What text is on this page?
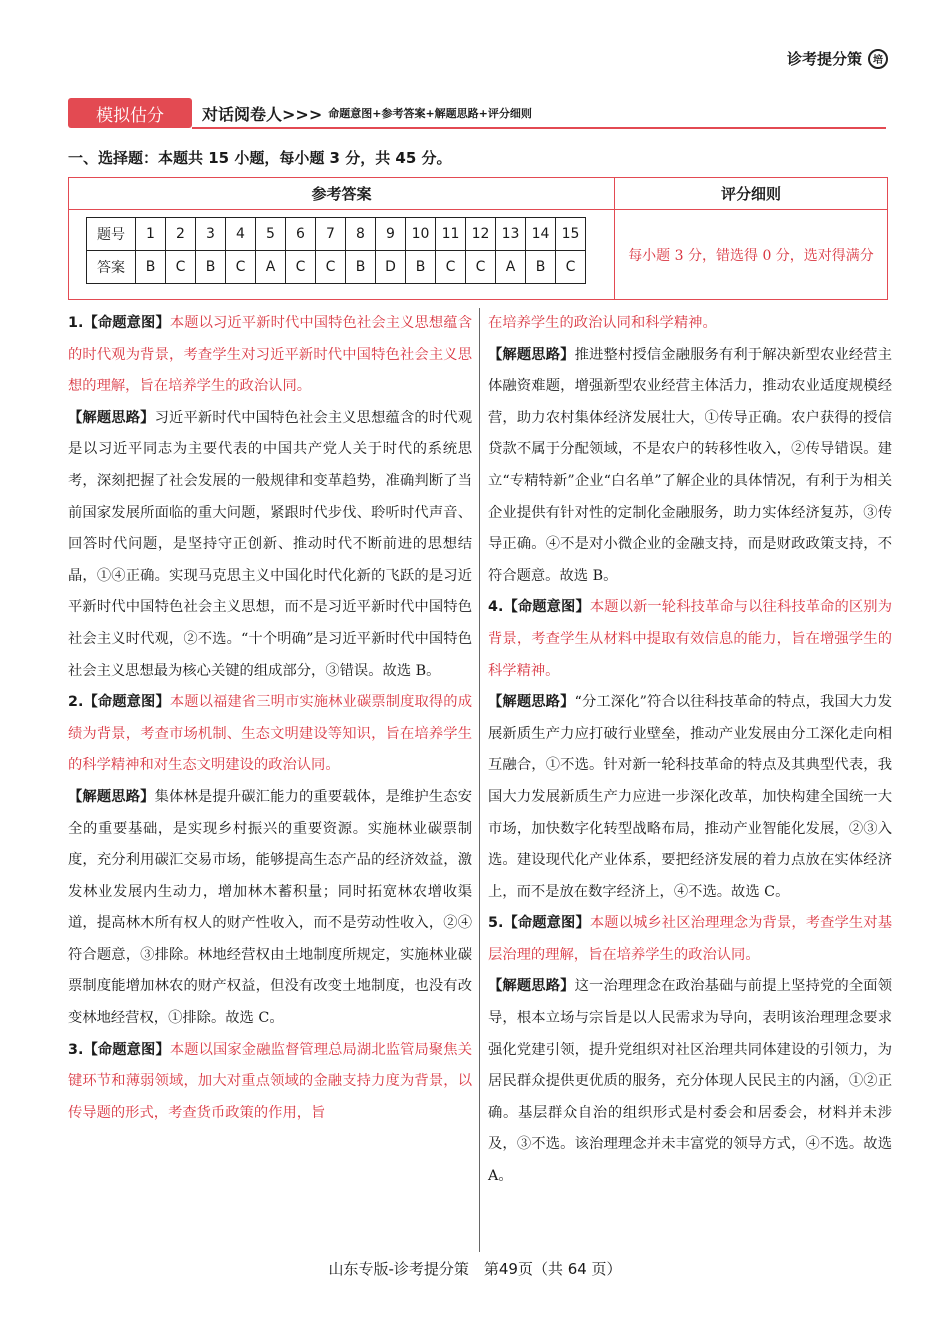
诊考提分策	培
模拟估分	对话阅卷人>>> 命题意图+参考答案+解题思路+评分细则
一、选择题：本题共 15 小题，每小题 3 分，共 45 分。
参考答案	评分细则
题号	1	2	3	4	5	6	7	8	9	10	11	12	13	14	15
答案	B	C	B	C	A	C	C	B	D	B	C	C	A	B	C
每小题 3 分，错选得 0 分，选对得满分

1.【命题意图】本题以习近平新时代中国特色社会主义思想蕴含的时代观为背景，考查学生对习近平新时代中国特色社会主义思想的理解，旨在培养学生的政治认同。

【解题思路】习近平新时代中国特色社会主义思想蕴含的时代观是以习近平同志为主要代表的中国共产党人关于时代的系统思考，深刻把握了社会发展的一般规律和变革趋势，准确判断了当前国家发展所面临的重大问题，紧跟时代步伐、聆听时代声音、回答时代问题，是坚持守正创新、推动时代不断前进的思想结晶，①④正确。实现马克思主义中国化时代化新的飞跃的是习近平新时代中国特色社会主义思想，而不是习近平新时代中国特色社会主义时代观，②不选。“十个明确”是习近平新时代中国特色社会主义思想最为核心关键的组成部分，③错误。故选 B。

2.【命题意图】本题以福建省三明市实施林业碳票制度取得的成绩为背景，考查市场机制、生态文明建设等知识，旨在培养学生的科学精神和对生态文明建设的政治认同。

【解题思路】集体林是提升碳汇能力的重要载体，是维护生态安全的重要基础，是实现乡村振兴的重要资源。实施林业碳票制度，充分利用碳汇交易市场，能够提高生态产品的经济效益，激发林业发展内生动力，增加林木蓄积量；同时拓宽林农增收渠道，提高林木所有权人的财产性收入，而不是劳动性收入，②④符合题意，③排除。林地经营权由土地制度所规定，实施林业碳票制度能增加林农的财产权益，但没有改变土地制度，也没有改变林地经营权，①排除。故选 C。

3.【命题意图】本题以国家金融监督管理总局湖北监管局聚焦关键环节和薄弱领域，加大对重点领域的金融支持力度为背景，以传导题的形式，考查货币政策的作用，旨

在培养学生的政治认同和科学精神。

【解题思路】推进整村授信金融服务有利于解决新型农业经营主体融资难题，增强新型农业经营主体活力，推动农业适度规模经营，助力农村集体经济发展壮大，①传导正确。农户获得的授信贷款不属于分配领域，不是农户的转移性收入，②传导错误。建立“专精特新”企业“白名单”了解企业的具体情况，有利于为相关企业提供有针对性的定制化金融服务，助力实体经济复苏，③传导正确。④不是对小微企业的金融支持，而是财政政策支持，不符合题意。故选 B。

4.【命题意图】本题以新一轮科技革命与以往科技革命的区别为背景，考查学生从材料中提取有效信息的能力，旨在增强学生的科学精神。

【解题思路】“分工深化”符合以往科技革命的特点，我国大力发展新质生产力应打破行业壁垒，推动产业发展由分工深化走向相互融合，①不选。针对新一轮科技革命的特点及其典型代表，我国大力发展新质生产力应进一步深化改革，加快构建全国统一大市场，加快数字化转型战略布局，推动产业智能化发展，②③入选。建设现代化产业体系，要把经济发展的着力点放在实体经济上，而不是放在数字经济上，④不选。故选 C。

5.【命题意图】本题以城乡社区治理理念为背景，考查学生对基层治理的理解，旨在培养学生的政治认同。

【解题思路】这一治理理念在政治基础与前提上坚持党的全面领导，根本立场与宗旨是以人民需求为导向，表明该治理理念要求强化党建引领，提升党组织对社区治理共同体建设的引领力，为居民群众提供更优质的服务，充分体现人民民主的内涵，①②正确。基层群众自治的组织形式是村委会和居委会，材料并未涉及，③不选。该治理理念并未丰富党的领导方式，④不选。故选 A。

山东专版-诊考提分策　第49页（共 64 页）
